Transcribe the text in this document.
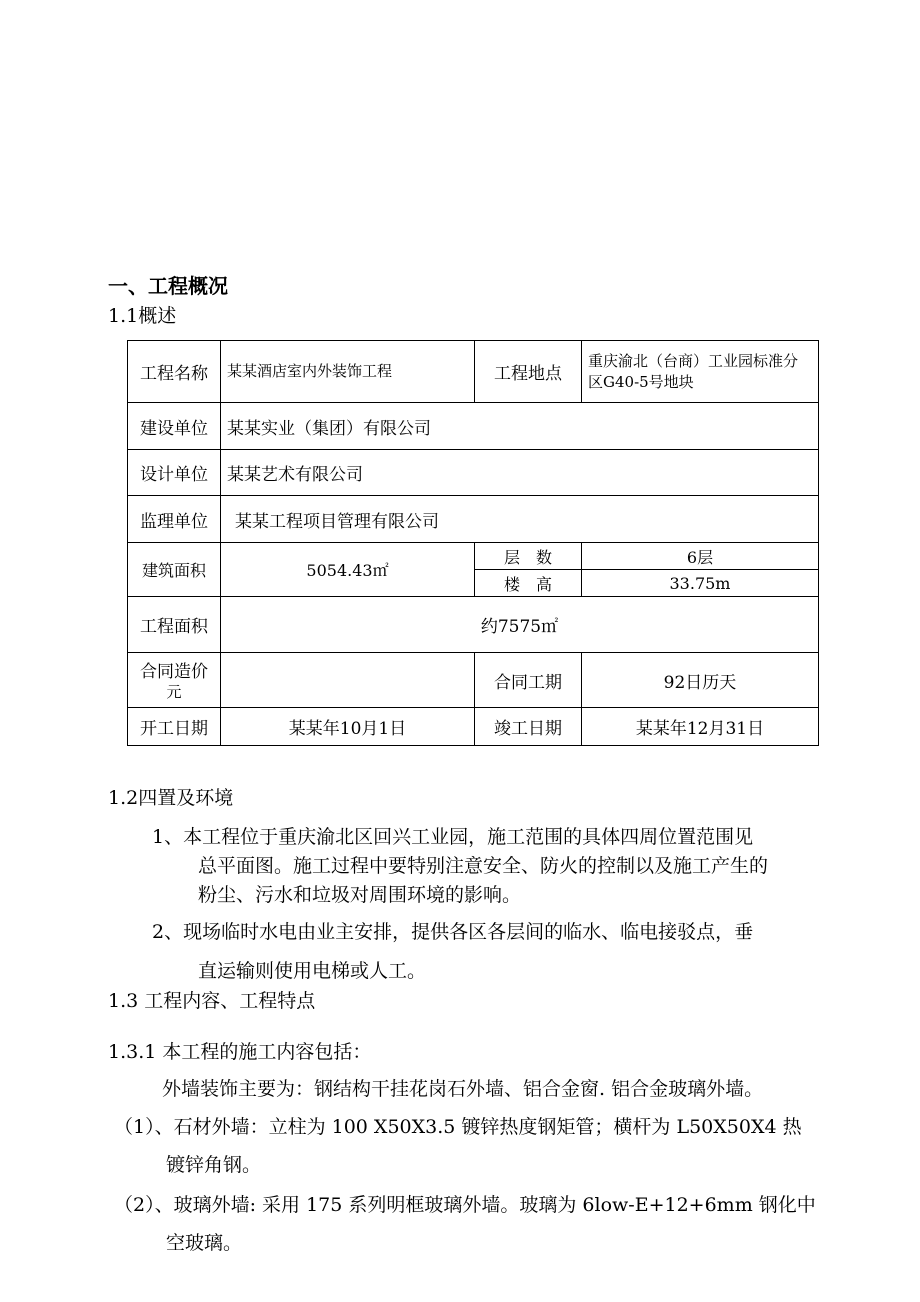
一、工程概况
1.1概述
工程名称	某某酒店室内外装饰工程	工程地点	重庆渝北（台商）工业园标准分区G40-5号地块
建设单位	某某实业（集团）有限公司		
设计单位	某某艺术有限公司		
监理单位	某某工程项目管理有限公司		
建筑面积	5054.43㎡	层　数	6层
		楼　高	33.75m
工程面积	约7575㎡		

合同造价
元		合同工期	92日历天
开工日期	某某年10月1日	竣工日期	某某年12月31日
1.2四置及环境
1、本工程位于重庆渝北区回兴工业园，施工范围的具体四周位置范围见
总平面图。施工过程中要特别注意安全、防火的控制以及施工产生的
粉尘、污水和垃圾对周围环境的影响。
2、现场临时水电由业主安排，提供各区各层间的临水、临电接驳点，垂
直运输则使用电梯或人工。
1.3 工程内容、工程特点
1.3.1 本工程的施工内容包括：
外墙装饰主要为：钢结构干挂花岗石外墙、铝合金窗. 铝合金玻璃外墙。
（1）、石材外墙：立柱为 100 X50X3.5 镀锌热度钢矩管；横杆为 L50X50X4 热
镀锌角钢。
（2）、玻璃外墙: 采用 175 系列明框玻璃外墙。玻璃为 6low-E+12+6mm 钢化中
空玻璃。
